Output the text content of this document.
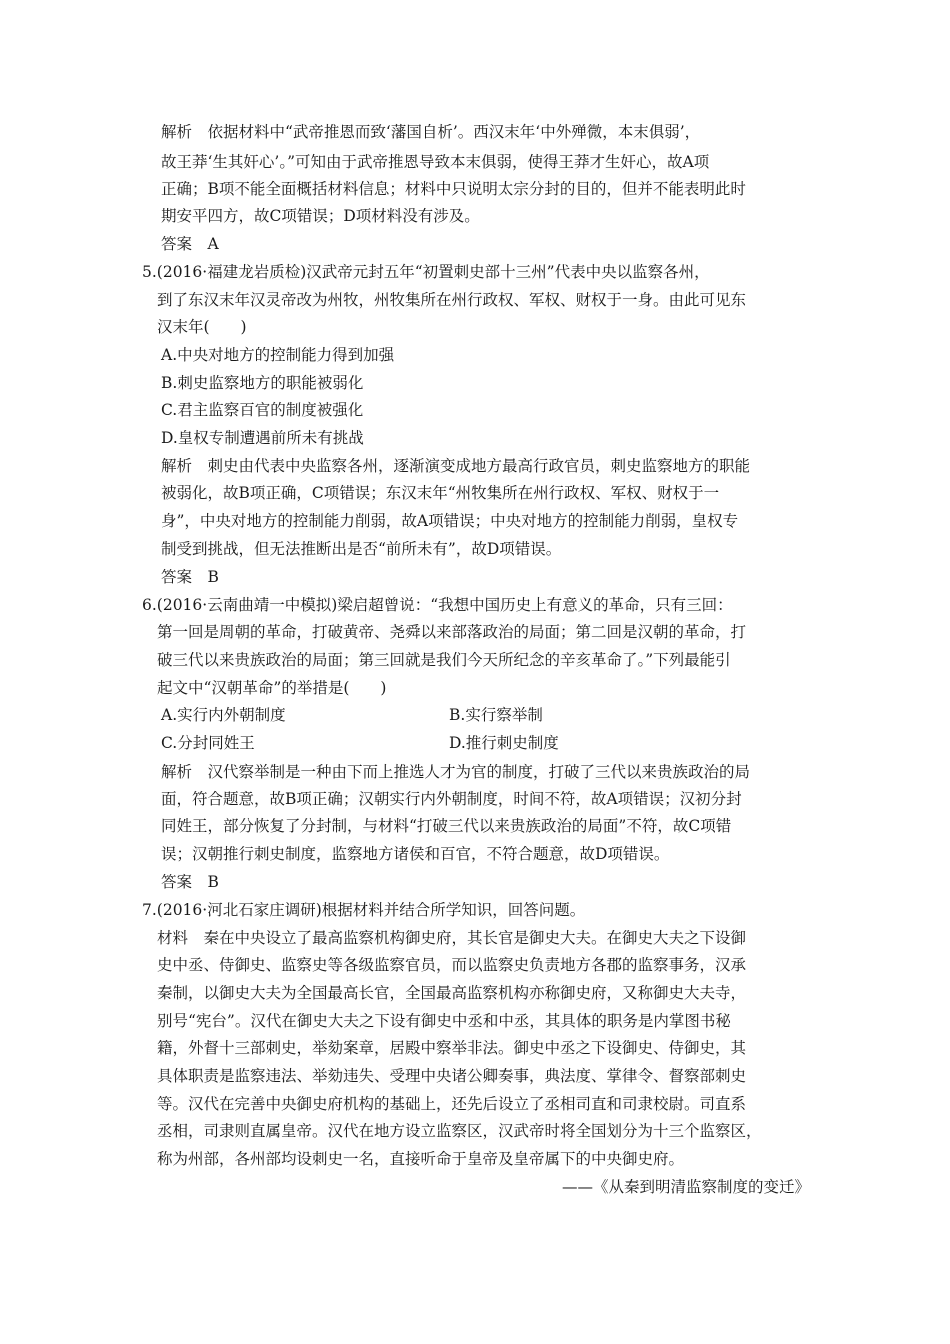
解析　依据材料中“武帝推恩而致‘藩国自析’。西汉末年‘中外殚微，本末俱弱’，
故王莽‘生其奸心’。”可知由于武帝推恩导致本末俱弱，使得王莽才生奸心，故A项
正确；B项不能全面概括材料信息；材料中只说明太宗分封的目的，但并不能表明此时
期安平四方，故C项错误；D项材料没有涉及。
答案　A
5.(2016·福建龙岩质检)汉武帝元封五年“初置刺史部十三州”代表中央以监察各州，
到了东汉末年汉灵帝改为州牧，州牧集所在州行政权、军权、财权于一身。由此可见东
汉末年(　　)
A.中央对地方的控制能力得到加强
B.刺史监察地方的职能被弱化
C.君主监察百官的制度被强化
D.皇权专制遭遇前所未有挑战
解析　刺史由代表中央监察各州，逐渐演变成地方最高行政官员，刺史监察地方的职能
被弱化，故B项正确，C项错误；东汉末年“州牧集所在州行政权、军权、财权于一
身”，中央对地方的控制能力削弱，故A项错误；中央对地方的控制能力削弱，皇权专
制受到挑战，但无法推断出是否“前所未有”，故D项错误。
答案　B
6.(2016·云南曲靖一中模拟)梁启超曾说：“我想中国历史上有意义的革命，只有三回：
第一回是周朝的革命，打破黄帝、尧舜以来部落政治的局面；第二回是汉朝的革命，打
破三代以来贵族政治的局面；第三回就是我们今天所纪念的辛亥革命了。”下列最能引
起文中“汉朝革命”的举措是(　　)
A.实行内外朝制度	B.实行察举制
C.分封同姓王	D.推行刺史制度
解析　汉代察举制是一种由下而上推选人才为官的制度，打破了三代以来贵族政治的局
面，符合题意，故B项正确；汉朝实行内外朝制度，时间不符，故A项错误；汉初分封
同姓王，部分恢复了分封制，与材料“打破三代以来贵族政治的局面”不符，故C项错
误；汉朝推行刺史制度，监察地方诸侯和百官，不符合题意，故D项错误。
答案　B
7.(2016·河北石家庄调研)根据材料并结合所学知识，回答问题。
材料　秦在中央设立了最高监察机构御史府，其长官是御史大夫。在御史大夫之下设御
史中丞、侍御史、监察史等各级监察官员，而以监察史负责地方各郡的监察事务，汉承
秦制，以御史大夫为全国最高长官，全国最高监察机构亦称御史府，又称御史大夫寺，
别号“宪台”。汉代在御史大夫之下设有御史中丞和中丞，其具体的职务是内掌图书秘
籍，外督十三部刺史，举劾案章，居殿中察举非法。御史中丞之下设御史、侍御史，其
具体职责是监察违法、举劾违失、受理中央诸公卿奏事，典法度、掌律令、督察部刺史
等。汉代在完善中央御史府机构的基础上，还先后设立了丞相司直和司隶校尉。司直系
丞相，司隶则直属皇帝。汉代在地方设立监察区，汉武帝时将全国划分为十三个监察区，
称为州部，各州部均设刺史一名，直接听命于皇帝及皇帝属下的中央御史府。
——《从秦到明清监察制度的变迁》
